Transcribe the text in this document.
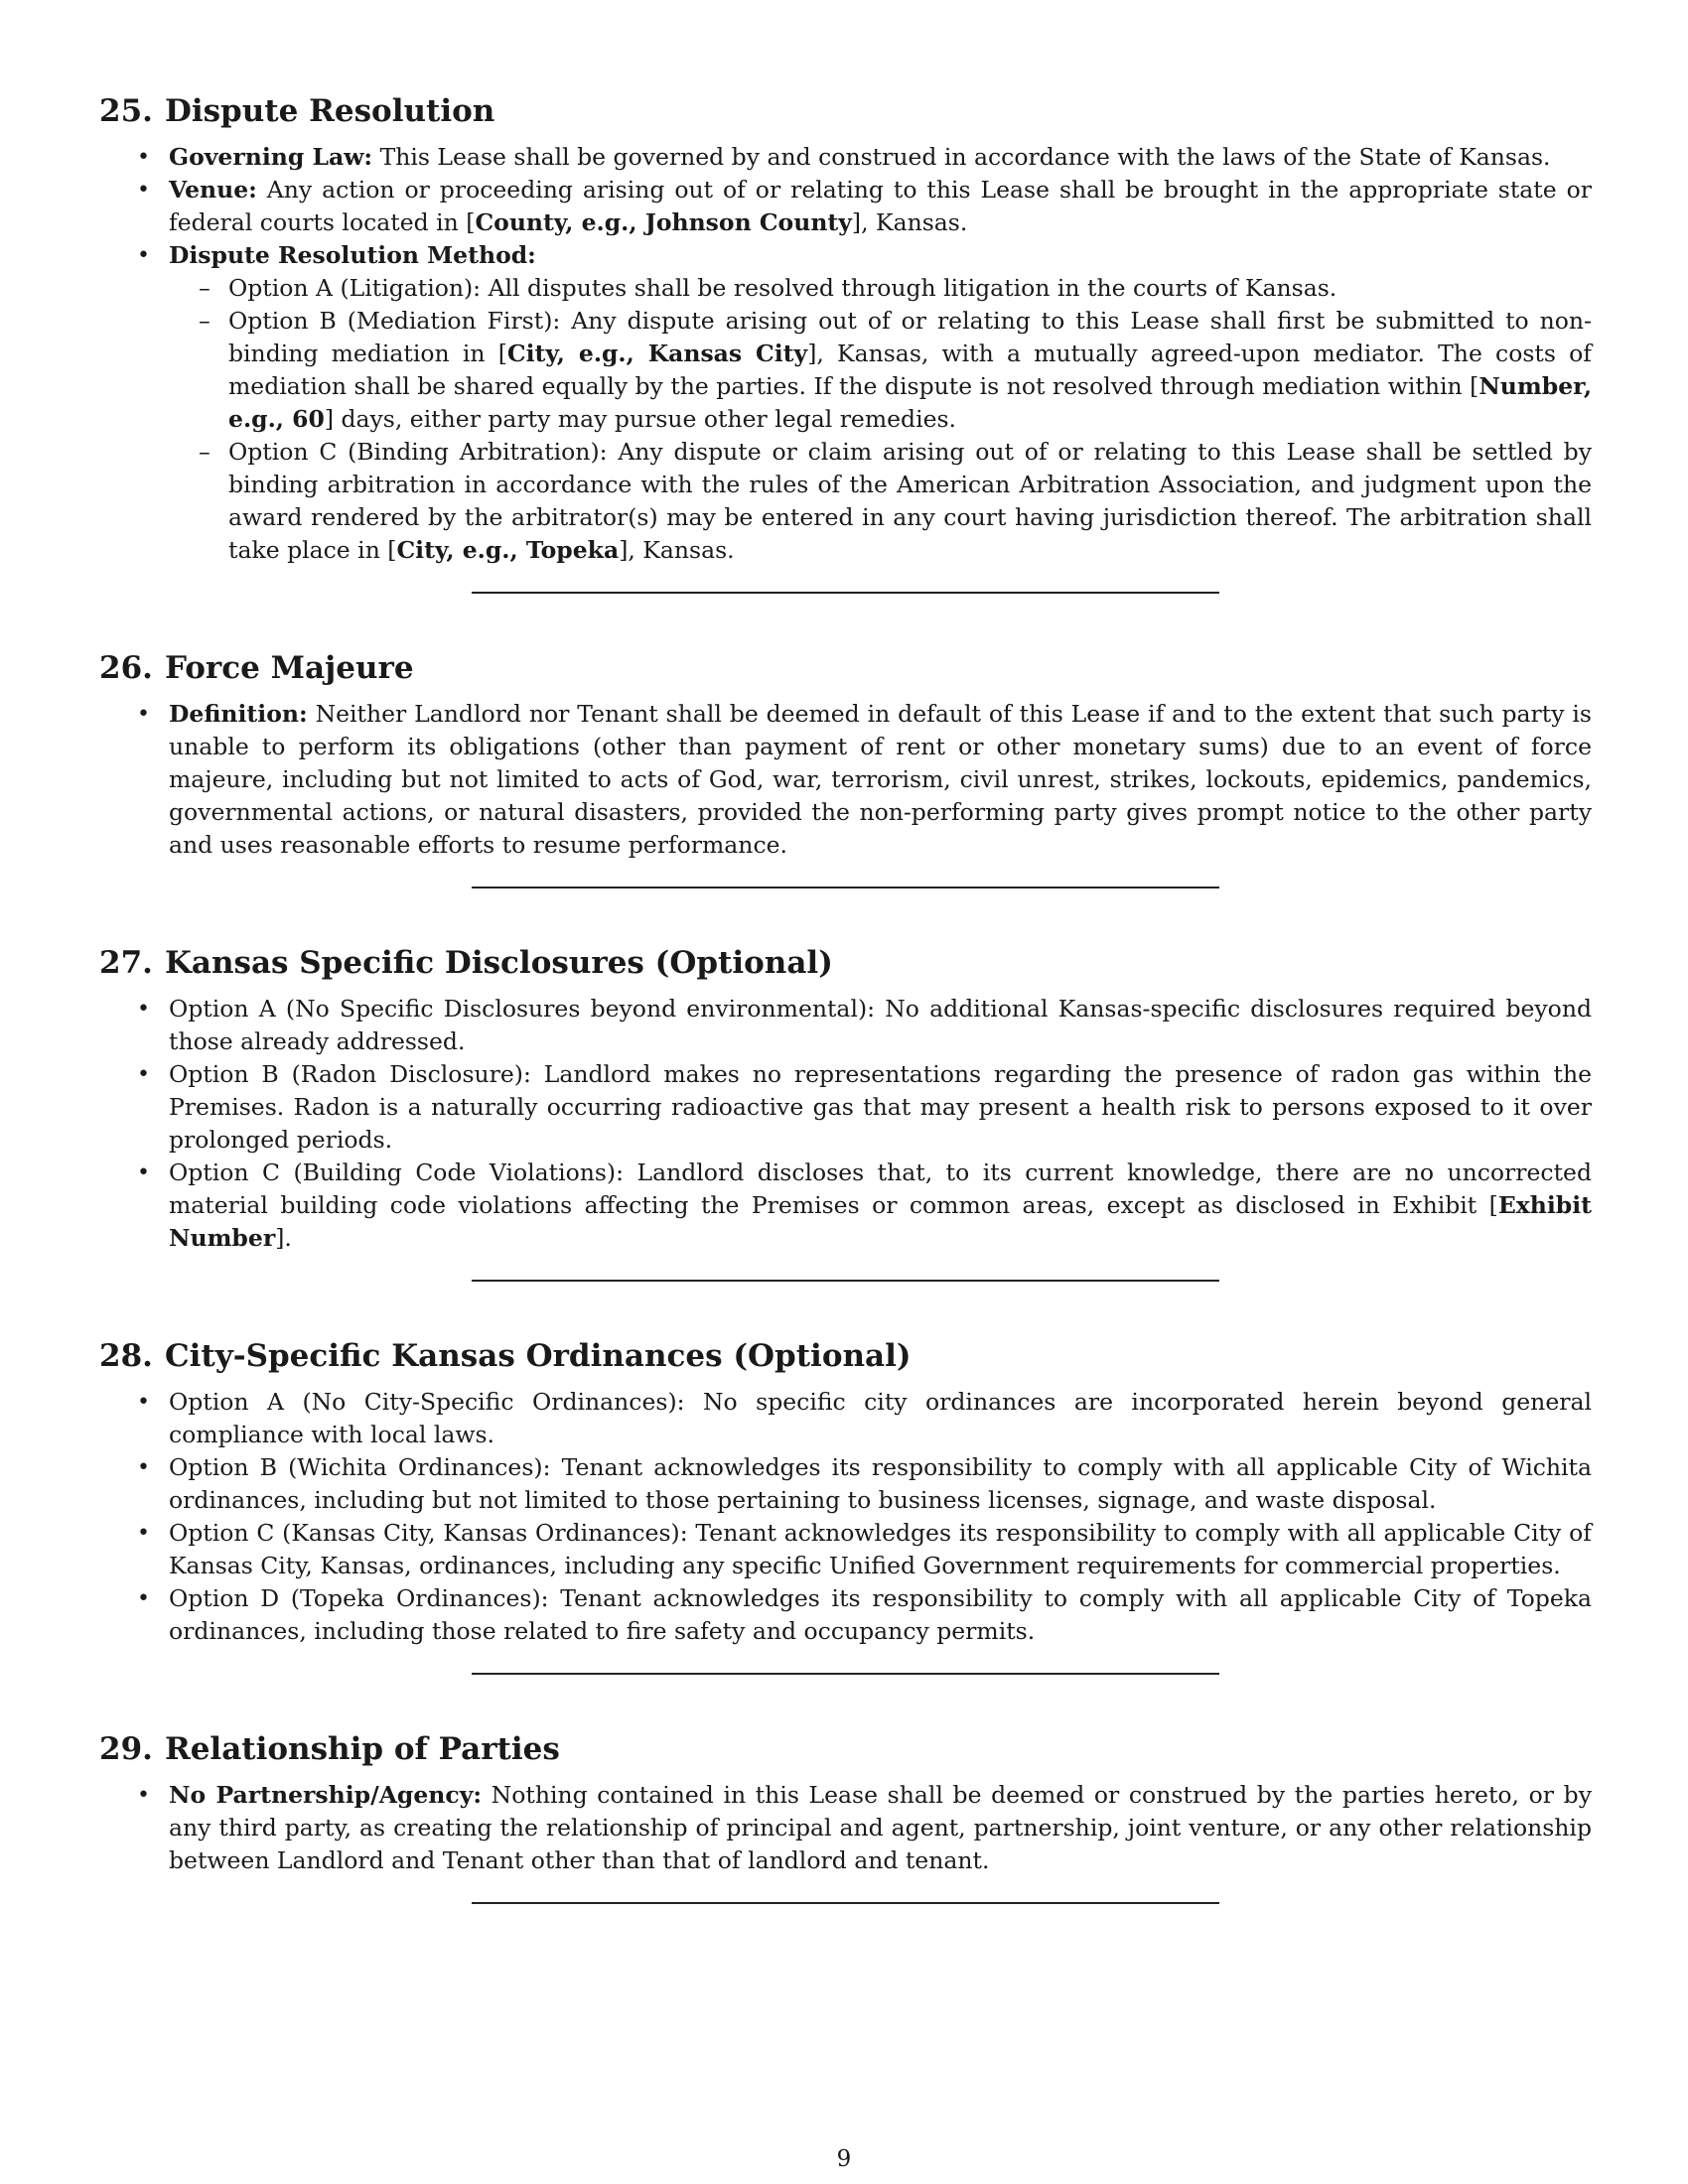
25. Dispute Resolution
• Governing Law: This Lease shall be governed by and construed in accordance with the laws of the State of Kansas.
• Venue: Any action or proceeding arising out of or relating to this Lease shall be brought in the appropriate state or federal courts located in [County, e.g., Johnson County], Kansas.
• Dispute Resolution Method:
– Option A (Litigation): All disputes shall be resolved through litigation in the courts of Kansas.
– Option B (Mediation First): Any dispute arising out of or relating to this Lease shall first be submitted to non-binding mediation in [City, e.g., Kansas City], Kansas, with a mutually agreed-upon mediator. The costs of mediation shall be shared equally by the parties. If the dispute is not resolved through mediation within [Number, e.g., 60] days, either party may pursue other legal remedies.
– Option C (Binding Arbitration): Any dispute or claim arising out of or relating to this Lease shall be settled by binding arbitration in accordance with the rules of the American Arbitration Association, and judgment upon the award rendered by the arbitrator(s) may be entered in any court having jurisdiction thereof. The arbitration shall take place in [City, e.g., Topeka], Kansas.
26. Force Majeure
• Definition: Neither Landlord nor Tenant shall be deemed in default of this Lease if and to the extent that such party is unable to perform its obligations (other than payment of rent or other monetary sums) due to an event of force majeure, including but not limited to acts of God, war, terrorism, civil unrest, strikes, lockouts, epidemics, pandemics, governmental actions, or natural disasters, provided the non-performing party gives prompt notice to the other party and uses reasonable efforts to resume performance.
27. Kansas Specific Disclosures (Optional)
• Option A (No Specific Disclosures beyond environmental): No additional Kansas-specific disclosures required beyond those already addressed.
• Option B (Radon Disclosure): Landlord makes no representations regarding the presence of radon gas within the Premises. Radon is a naturally occurring radioactive gas that may present a health risk to persons exposed to it over prolonged periods.
• Option C (Building Code Violations): Landlord discloses that, to its current knowledge, there are no uncorrected material building code violations affecting the Premises or common areas, except as disclosed in Exhibit [Exhibit Number].
28. City-Specific Kansas Ordinances (Optional)
• Option A (No City-Specific Ordinances): No specific city ordinances are incorporated herein beyond general compliance with local laws.
• Option B (Wichita Ordinances): Tenant acknowledges its responsibility to comply with all applicable City of Wichita ordinances, including but not limited to those pertaining to business licenses, signage, and waste disposal.
• Option C (Kansas City, Kansas Ordinances): Tenant acknowledges its responsibility to comply with all applicable City of Kansas City, Kansas, ordinances, including any specific Unified Government requirements for commercial properties.
• Option D (Topeka Ordinances): Tenant acknowledges its responsibility to comply with all applicable City of Topeka ordinances, including those related to fire safety and occupancy permits.
29. Relationship of Parties
• No Partnership/Agency: Nothing contained in this Lease shall be deemed or construed by the parties hereto, or by any third party, as creating the relationship of principal and agent, partnership, joint venture, or any other relationship between Landlord and Tenant other than that of landlord and tenant.
9
